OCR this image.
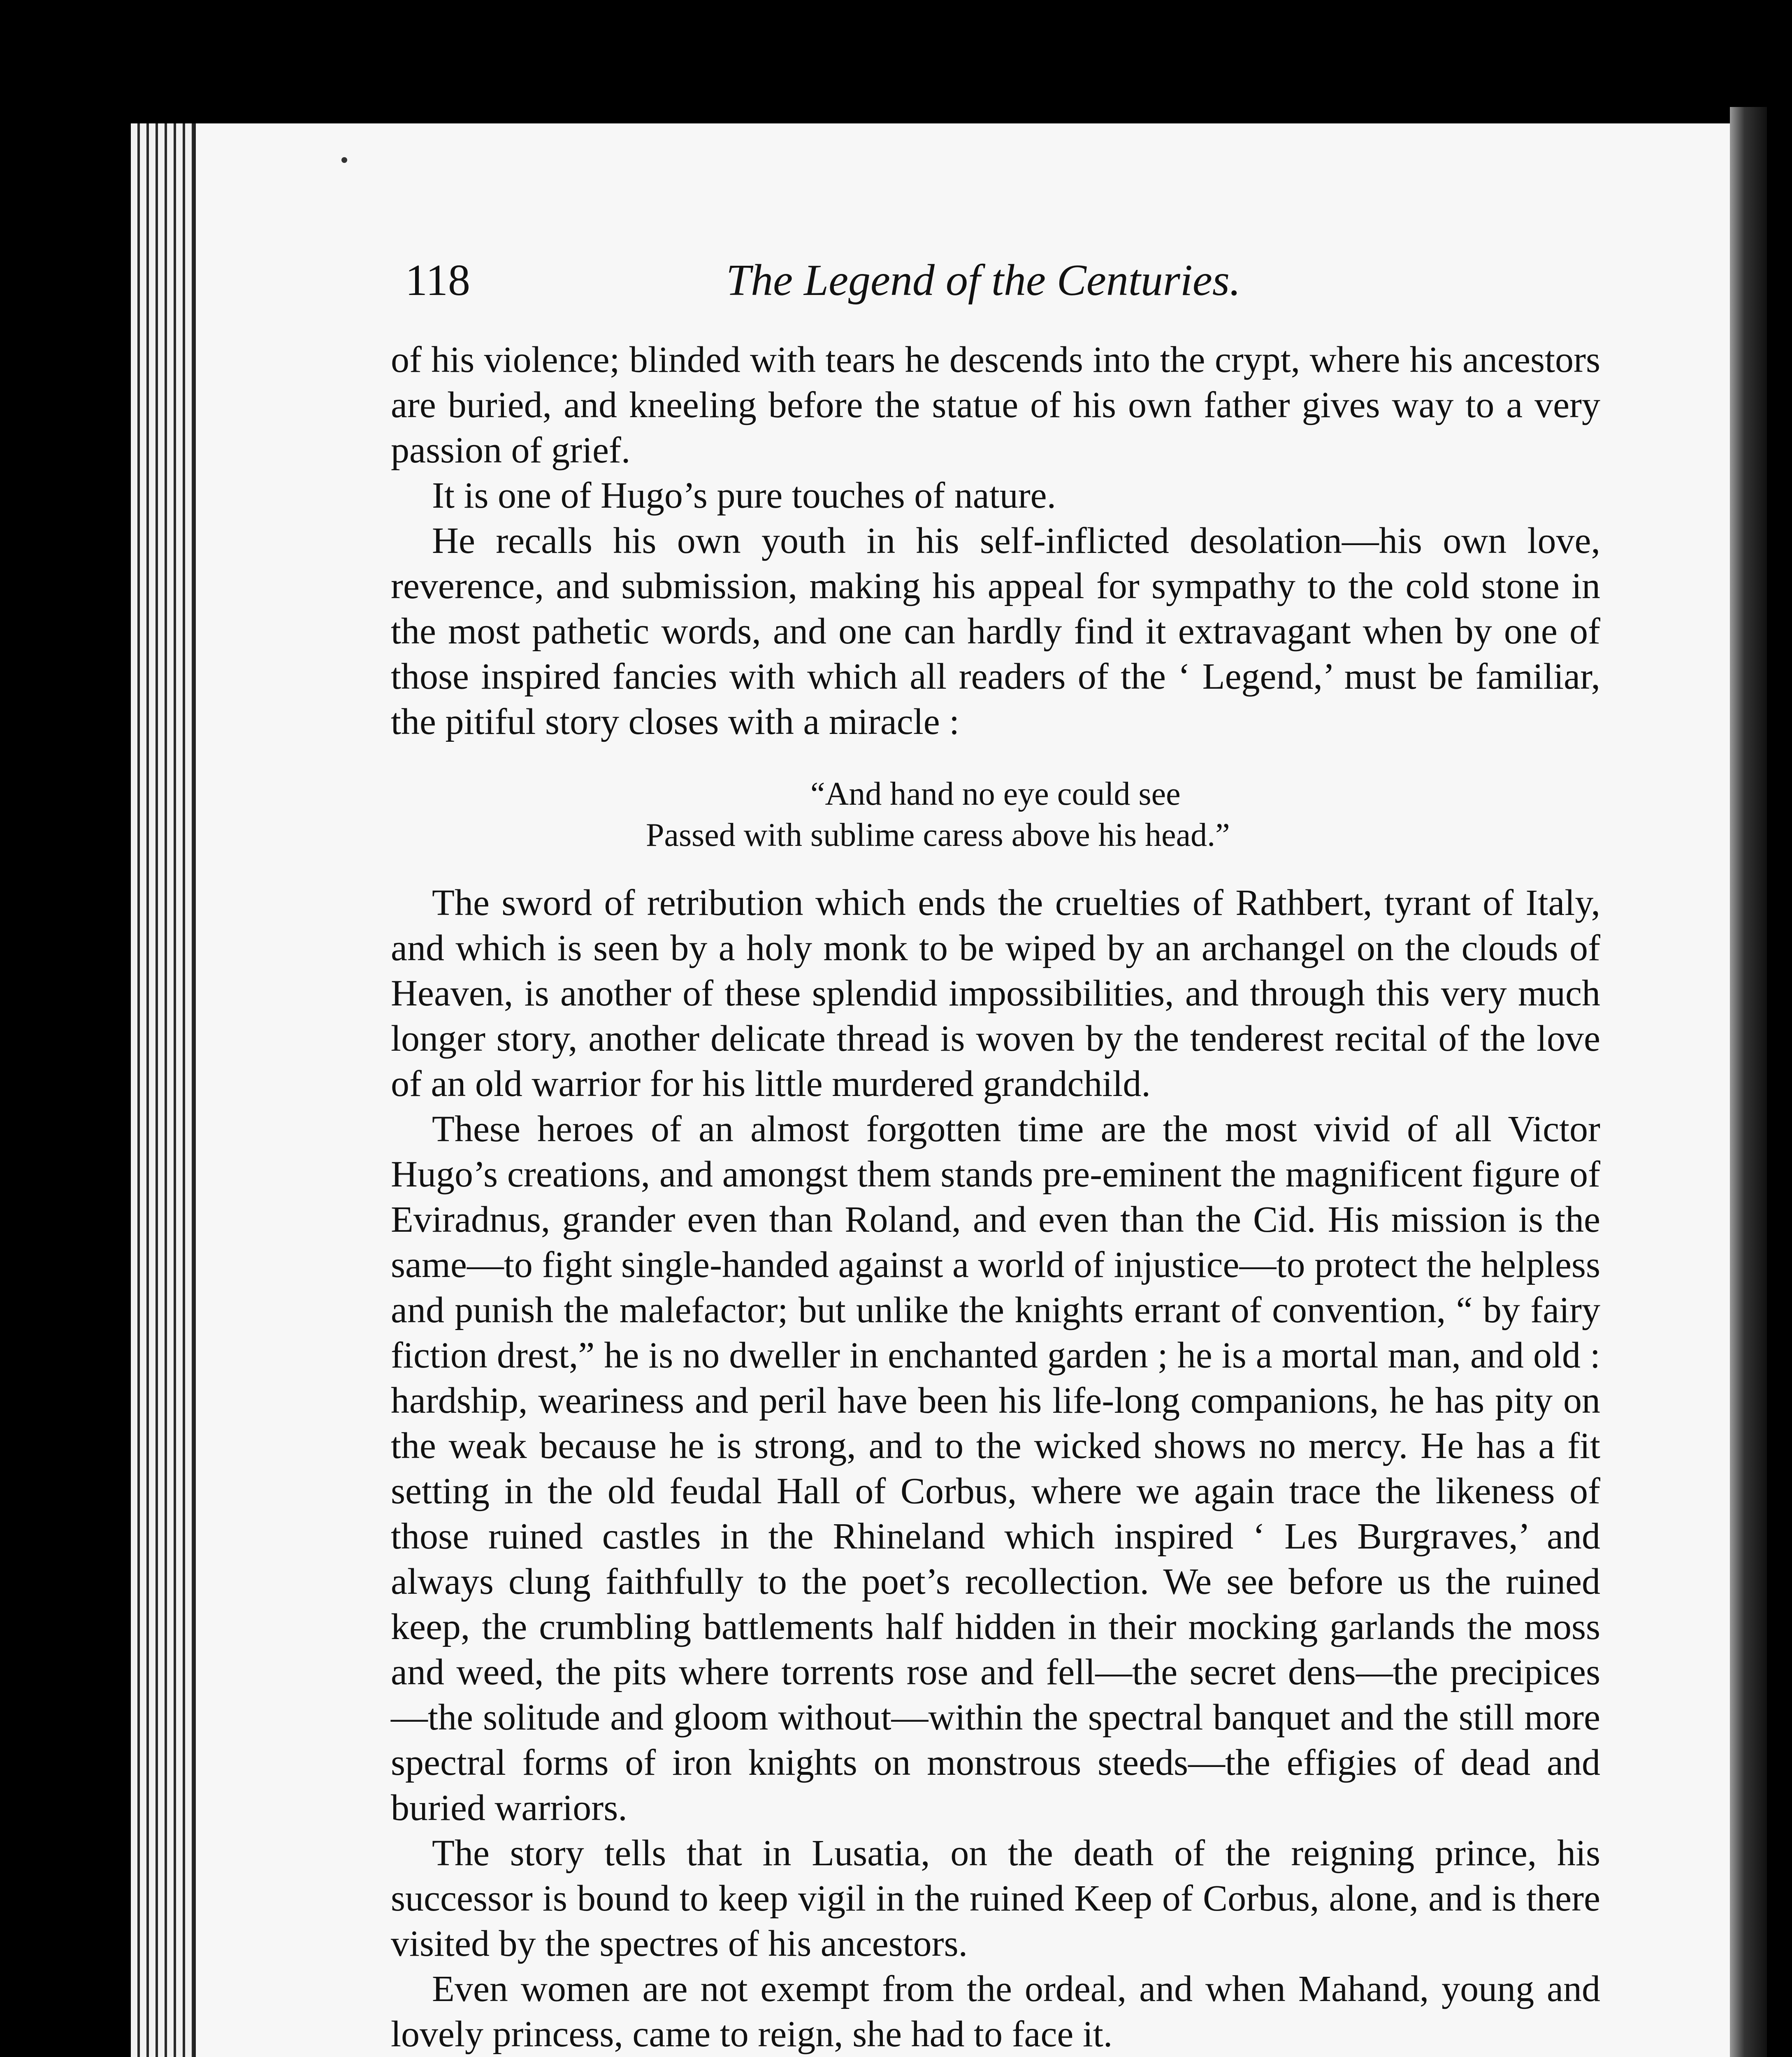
118	The Legend of the Centuries.

of his violence; blinded with tears he descends into the crypt, where his ancestors are buried, and kneeling before the statue of his own father gives way to a very passion of grief.

It is one of Hugo’s pure touches of nature.

He recalls his own youth in his self-inflicted desolation—his own love, reverence, and submission, making his appeal for sympathy to the cold stone in the most pathetic words, and one can hardly find it extravagant when by one of those inspired fancies with which all readers of the ‘ Legend,’ must be familiar, the pitiful story closes with a miracle :

“And hand no eye could see
Passed with sublime caress above his head.”

The sword of retribution which ends the cruelties of Rathbert, tyrant of Italy, and which is seen by a holy monk to be wiped by an archangel on the clouds of Heaven, is another of these splendid impossibilities, and through this very much longer story, another delicate thread is woven by the tenderest recital of the love of an old warrior for his little murdered grandchild.

These heroes of an almost forgotten time are the most vivid of all Victor Hugo’s creations, and amongst them stands pre-eminent the magnificent figure of Eviradnus, grander even than Roland, and even than the Cid. His mission is the same—to fight single-handed against a world of injustice—to protect the helpless and punish the malefactor; but unlike the knights errant of convention, “ by fairy fiction drest,” he is no dweller in enchanted garden ; he is a mortal man, and old : hardship, weariness and peril have been his life-long companions, he has pity on the weak because he is strong, and to the wicked shows no mercy. He has a fit setting in the old feudal Hall of Corbus, where we again trace the likeness of those ruined castles in the Rhineland which inspired ‘ Les Burgraves,’ and always clung faithfully to the poet’s recollection. We see before us the ruined keep, the crumbling battlements half hidden in their mocking garlands the moss and weed, the pits where torrents rose and fell—the secret dens—the precipices—the solitude and gloom without—within the spectral banquet and the still more spectral forms of iron knights on monstrous steeds—the effigies of dead and buried warriors.

The story tells that in Lusatia, on the death of the reigning prince, his successor is bound to keep vigil in the ruined Keep of Corbus, alone, and is there visited by the spectres of his ancestors.

Even women are not exempt from the ordeal, and when Mahand, young and lovely princess, came to reign, she had to face it.
